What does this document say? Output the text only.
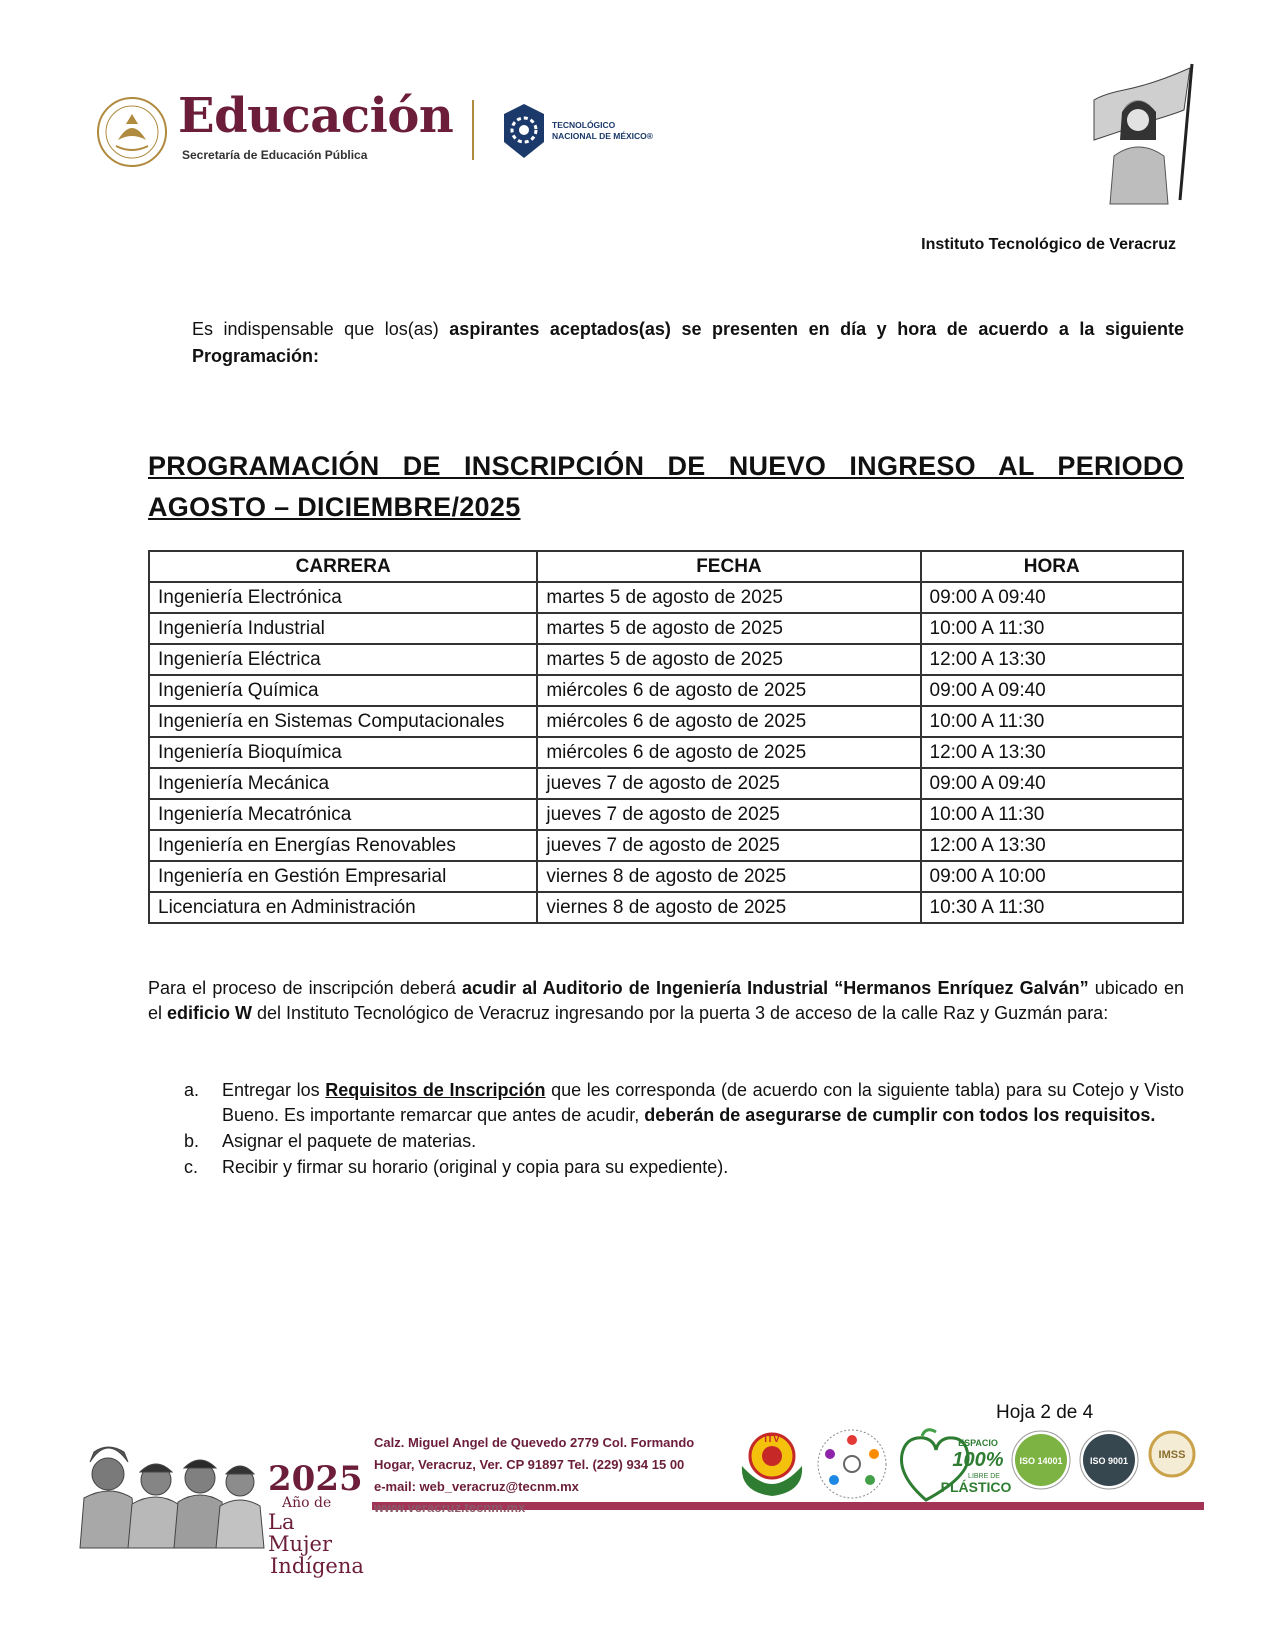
Educación
Secretaría de Educación Pública
TECNOLÓGICO
NACIONAL DE MÉXICO®
Instituto Tecnológico de Veracruz
Es indispensable que los(as) aspirantes aceptados(as) se presenten en día y hora de acuerdo a la siguiente Programación:
PROGRAMACIÓN DE INSCRIPCIÓN DE NUEVO INGRESO AL PERIODO AGOSTO – DICIEMBRE/2025
CARRERA	FECHA	HORA
Ingeniería Electrónica	martes 5 de agosto de 2025	09:00 A 09:40
Ingeniería Industrial	martes 5 de agosto de 2025	10:00 A 11:30
Ingeniería Eléctrica	martes 5 de agosto de 2025	12:00 A 13:30
Ingeniería Química	miércoles 6 de agosto de 2025	09:00 A 09:40
Ingeniería en Sistemas Computacionales	miércoles 6 de agosto de 2025	10:00 A 11:30
Ingeniería Bioquímica	miércoles 6 de agosto de 2025	12:00 A 13:30
Ingeniería Mecánica	jueves 7 de agosto de 2025	09:00 A 09:40
Ingeniería Mecatrónica	jueves 7 de agosto de 2025	10:00 A 11:30
Ingeniería en Energías Renovables	jueves 7 de agosto de 2025	12:00 A 13:30
Ingeniería en Gestión Empresarial	viernes 8 de agosto de 2025	09:00 A 10:00
Licenciatura en Administración	viernes 8 de agosto de 2025	10:30 A 11:30
Para el proceso de inscripción deberá acudir al Auditorio de Ingeniería Industrial “Hermanos Enríquez Galván” ubicado en el edificio W del Instituto Tecnológico de Veracruz ingresando por la puerta 3 de acceso de la calle Raz y Guzmán para:
a.	Entregar los Requisitos de Inscripción que les corresponda (de acuerdo con la siguiente tabla) para su Cotejo y Visto Bueno. Es importante remarcar que antes de acudir, deberán de asegurarse de cumplir con todos los requisitos.
b.	Asignar el paquete de materias.
c.	Recibir y firmar su horario (original y copia para su expediente).
Hoja 2 de 4
2025
Año de
La Mujer
Indígena
Calz. Miguel Angel de Quevedo 2779 Col. Formando
Hogar, Veracruz, Ver. CP 91897 Tel. (229) 934 15 00
e-mail: web_veracruz@tecnm.mx
www.veracruz.tecnm.mx
ITV	ESPACIO
100%
LIBRE DE
PLÁSTICO
ISO 14001	ISO 9001	IMSS
